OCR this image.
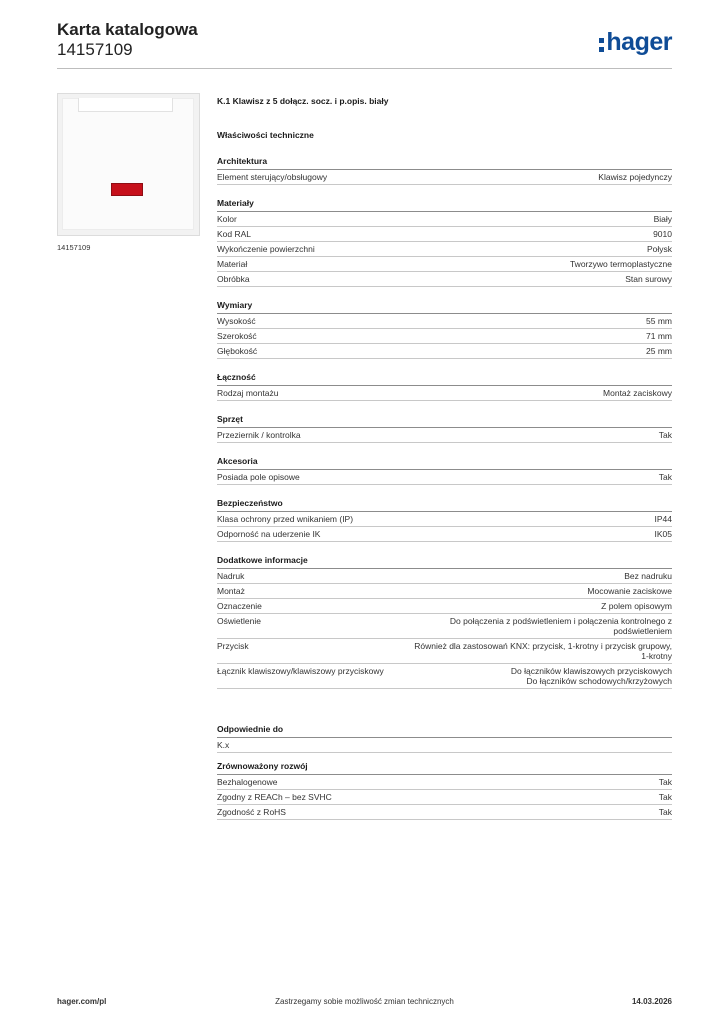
Karta katalogowa
14157109	hager
14157109
K.1 Klawisz z 5 dołącz. socz. i p.opis. biały
Właściwości techniczne
Architektura
Element sterujący/obsługowy	Klawisz pojedynczy
Materiały
Kolor	Biały
Kod RAL	9010
Wykończenie powierzchni	Połysk
Materiał	Tworzywo termoplastyczne
Obróbka	Stan surowy
Wymiary
Wysokość	55 mm
Szerokość	71 mm
Głębokość	25 mm
Łączność
Rodzaj montażu	Montaż zaciskowy
Sprzęt
Przeziernik / kontrolka	Tak
Akcesoria
Posiada pole opisowe	Tak
Bezpieczeństwo
Klasa ochrony przed wnikaniem (IP)	IP44
Odporność na uderzenie IK	IK05
Dodatkowe informacje
Nadruk	Bez nadruku
Montaż	Mocowanie zaciskowe
Oznaczenie	Z polem opisowym
Oświetlenie	Do połączenia z podświetleniem i połączenia kontrolnego z podświetleniem
Przycisk	Również dla zastosowań KNX: przycisk, 1-krotny i przycisk grupowy, 1-krotny
Łącznik klawiszowy/klawiszowy przyciskowy	Do łączników klawiszowych przyciskowych
Do łączników schodowych/krzyżowych
Odpowiednie do
K.x
Zrównoważony rozwój
Bezhalogenowe	Tak
Zgodny z REACh – bez SVHC	Tak
Zgodność z RoHS	Tak
hager.com/pl	Zastrzegamy sobie możliwość zmian technicznych	14.03.2026
